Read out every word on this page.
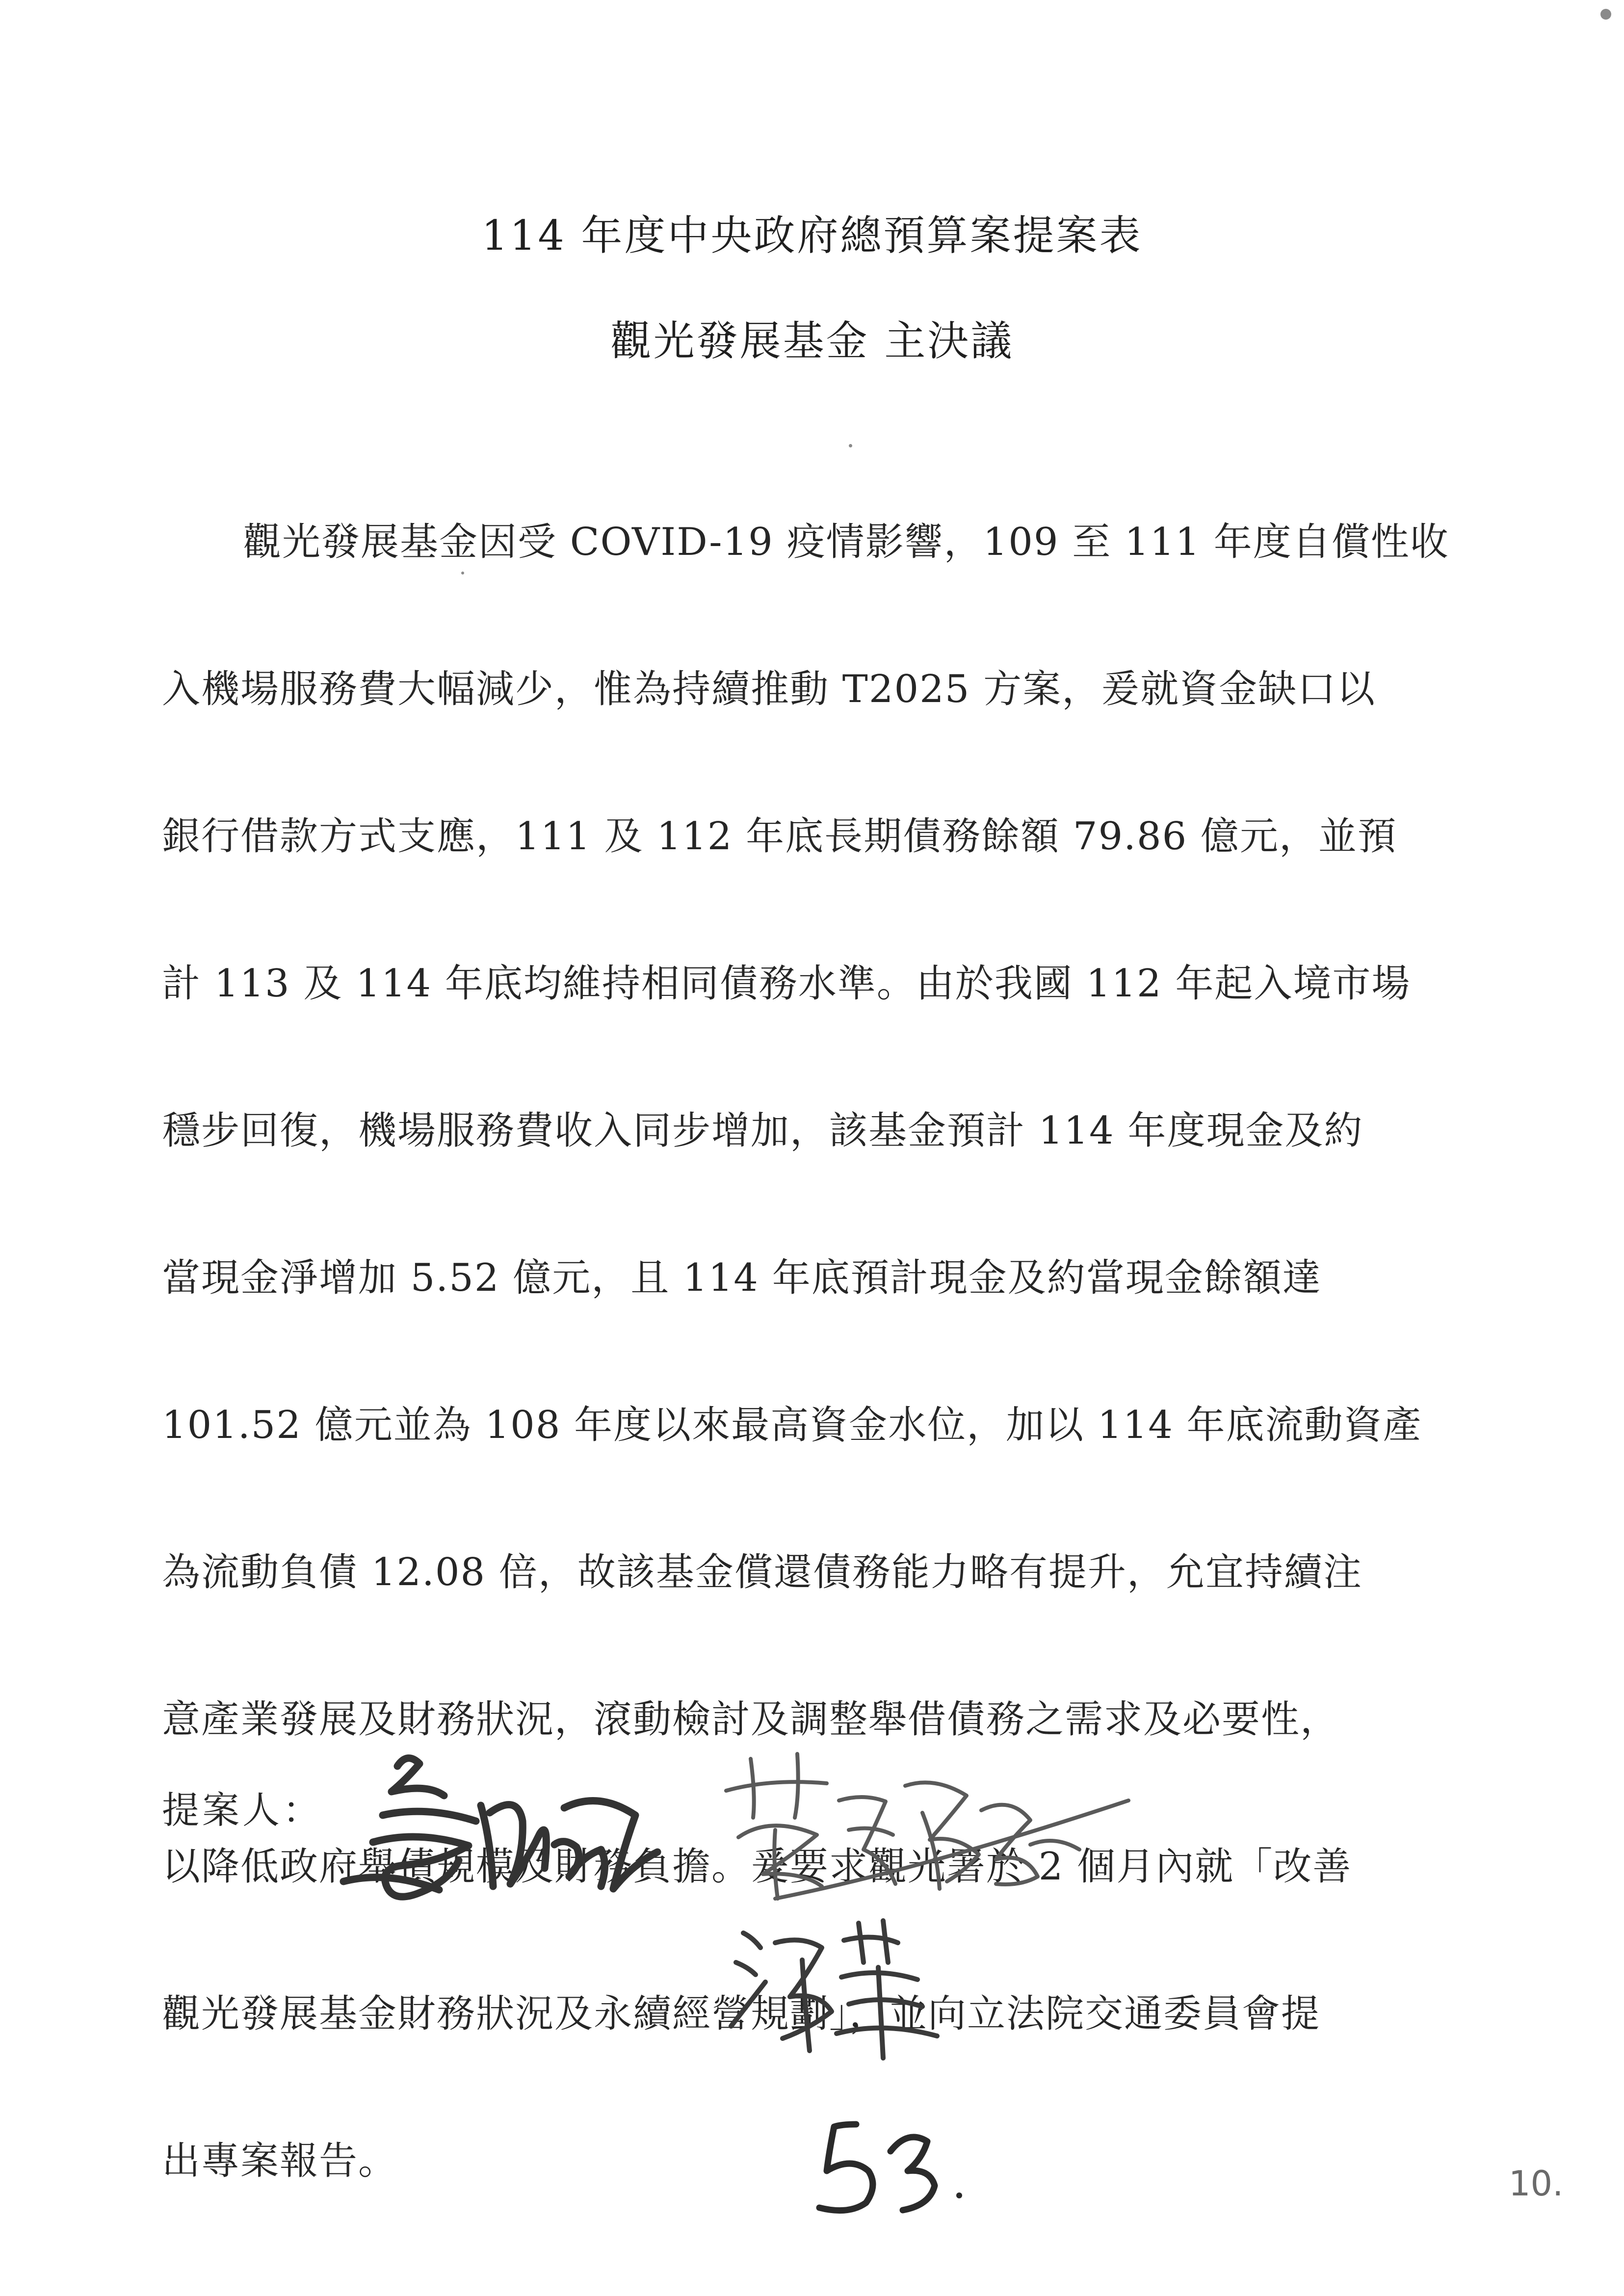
114 年度中央政府總預算案提案表
觀光發展基金 主決議
觀光發展基金因受 COVID-19 疫情影響，109 至 111 年度自償性收
入機場服務費大幅減少，惟為持續推動 T2025 方案，爰就資金缺口以
銀行借款方式支應，111 及 112 年底長期債務餘額 79.86 億元，並預
計 113 及 114 年底均維持相同債務水準。由於我國 112 年起入境市場
穩步回復，機場服務費收入同步增加，該基金預計 114 年度現金及約
當現金淨增加 5.52 億元，且 114 年底預計現金及約當現金餘額達
101.52 億元並為 108 年度以來最高資金水位，加以 114 年底流動資產
為流動負債 12.08 倍，故該基金償還債務能力略有提升，允宜持續注
意產業發展及財務狀況，滾動檢討及調整舉借債務之需求及必要性，
以降低政府舉債規模及財務負擔。爰要求觀光署於 2 個月內就「改善
觀光發展基金財務狀況及永續經營規劃」，並向立法院交通委員會提
出專案報告。
提案人：
10.
